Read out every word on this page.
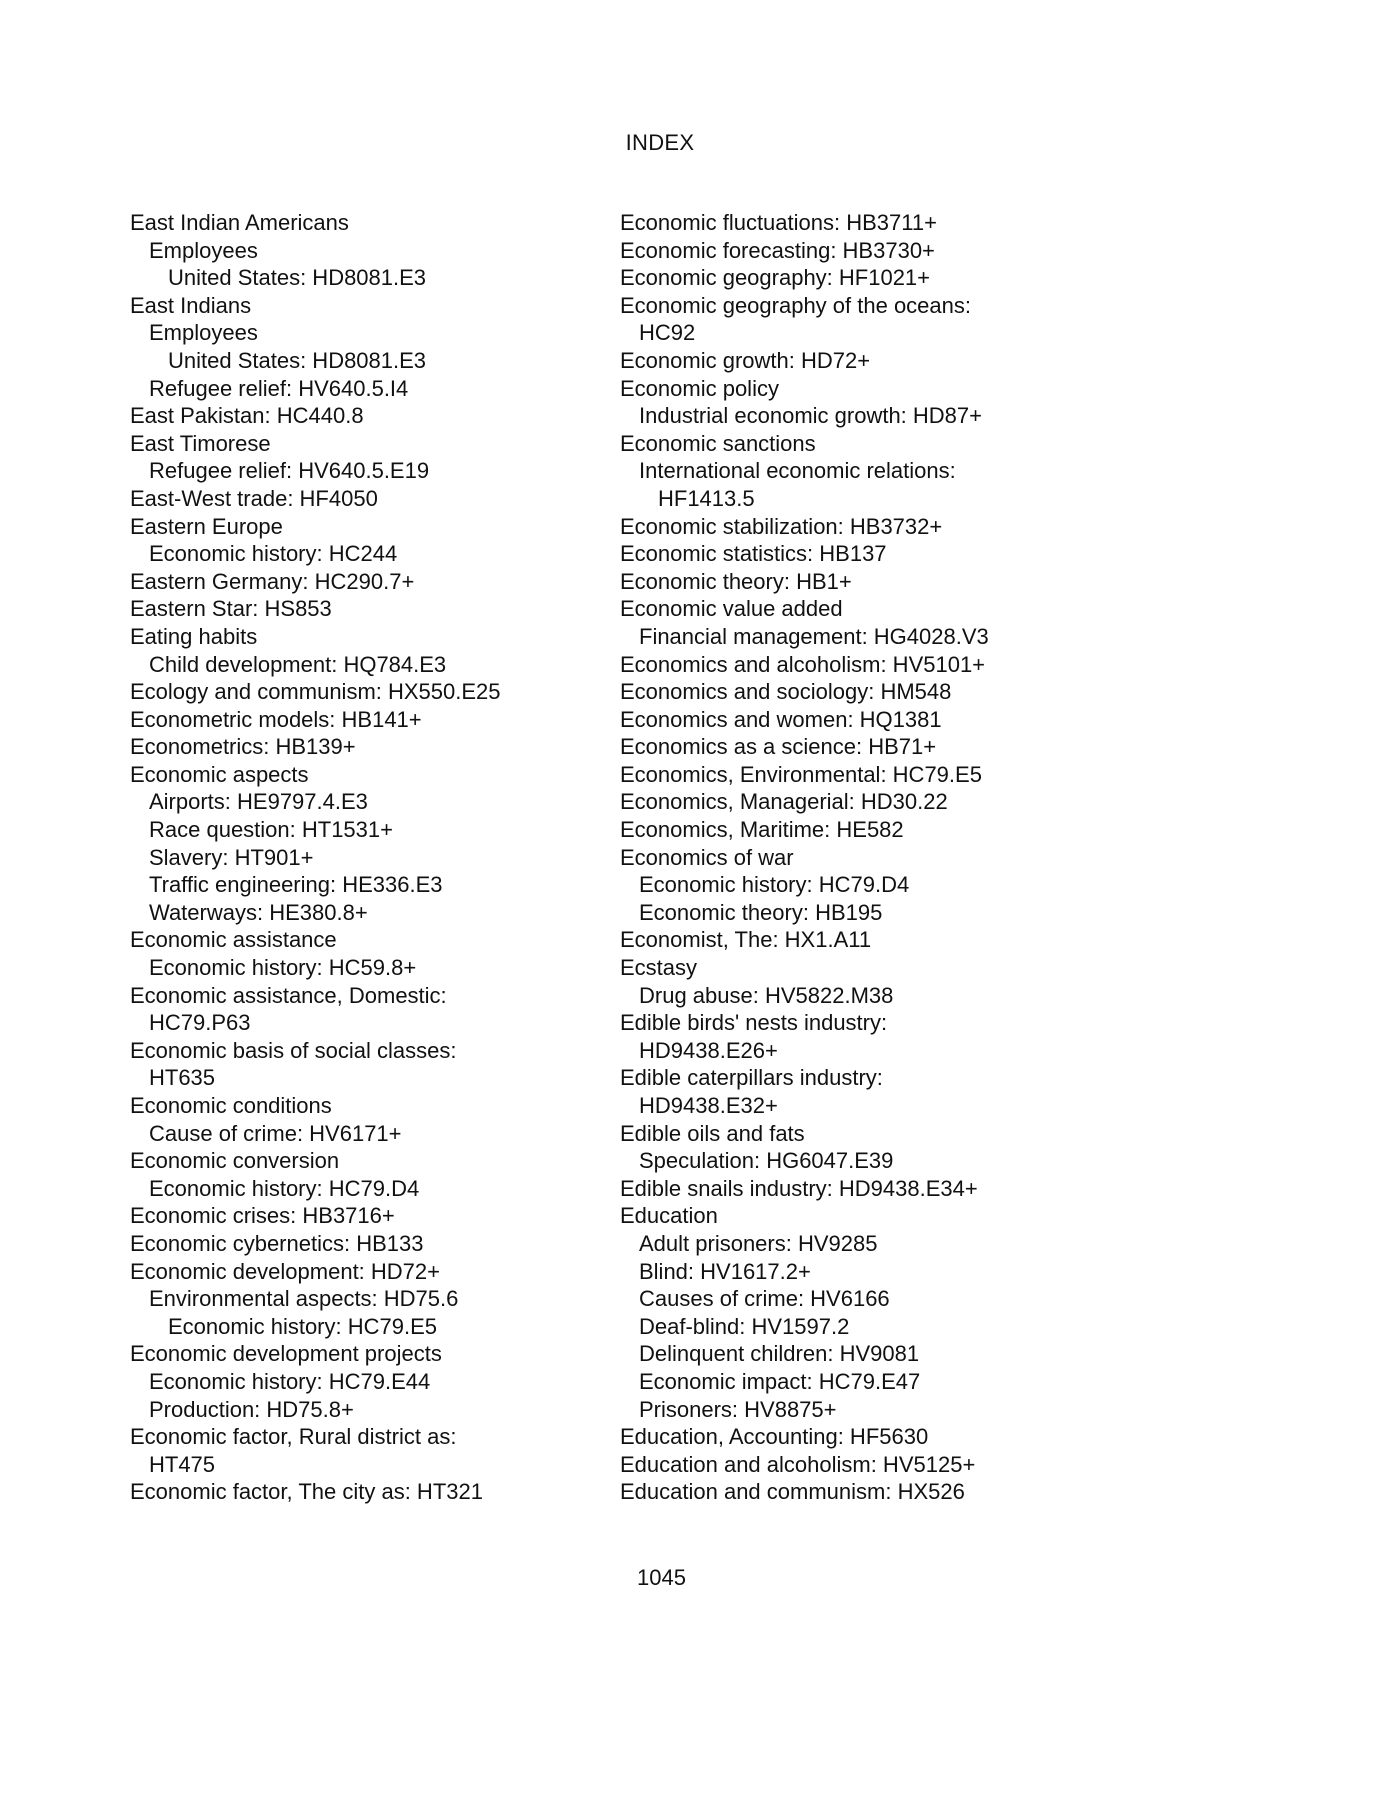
INDEX
East Indian Americans
Employees
United States: HD8081.E3
East Indians
Employees
United States: HD8081.E3
Refugee relief: HV640.5.I4
East Pakistan: HC440.8
East Timorese
Refugee relief: HV640.5.E19
East-West trade: HF4050
Eastern Europe
Economic history: HC244
Eastern Germany: HC290.7+
Eastern Star: HS853
Eating habits
Child development: HQ784.E3
Ecology and communism: HX550.E25
Econometric models: HB141+
Econometrics: HB139+
Economic aspects
Airports: HE9797.4.E3
Race question: HT1531+
Slavery: HT901+
Traffic engineering: HE336.E3
Waterways: HE380.8+
Economic assistance
Economic history: HC59.8+
Economic assistance, Domestic:
HC79.P63
Economic basis of social classes:
HT635
Economic conditions
Cause of crime: HV6171+
Economic conversion
Economic history: HC79.D4
Economic crises: HB3716+
Economic cybernetics: HB133
Economic development: HD72+
Environmental aspects: HD75.6
Economic history: HC79.E5
Economic development projects
Economic history: HC79.E44
Production: HD75.8+
Economic factor, Rural district as:
HT475
Economic factor, The city as: HT321
Economic fluctuations: HB3711+
Economic forecasting: HB3730+
Economic geography: HF1021+
Economic geography of the oceans:
HC92
Economic growth: HD72+
Economic policy
Industrial economic growth: HD87+
Economic sanctions
International economic relations:
HF1413.5
Economic stabilization: HB3732+
Economic statistics: HB137
Economic theory: HB1+
Economic value added
Financial management: HG4028.V3
Economics and alcoholism: HV5101+
Economics and sociology: HM548
Economics and women: HQ1381
Economics as a science: HB71+
Economics, Environmental: HC79.E5
Economics, Managerial: HD30.22
Economics, Maritime: HE582
Economics of war
Economic history: HC79.D4
Economic theory: HB195
Economist, The: HX1.A11
Ecstasy
Drug abuse: HV5822.M38
Edible birds' nests industry:
HD9438.E26+
Edible caterpillars industry:
HD9438.E32+
Edible oils and fats
Speculation: HG6047.E39
Edible snails industry: HD9438.E34+
Education
Adult prisoners: HV9285
Blind: HV1617.2+
Causes of crime: HV6166
Deaf-blind: HV1597.2
Delinquent children: HV9081
Economic impact: HC79.E47
Prisoners: HV8875+
Education, Accounting: HF5630
Education and alcoholism: HV5125+
Education and communism: HX526
1045
